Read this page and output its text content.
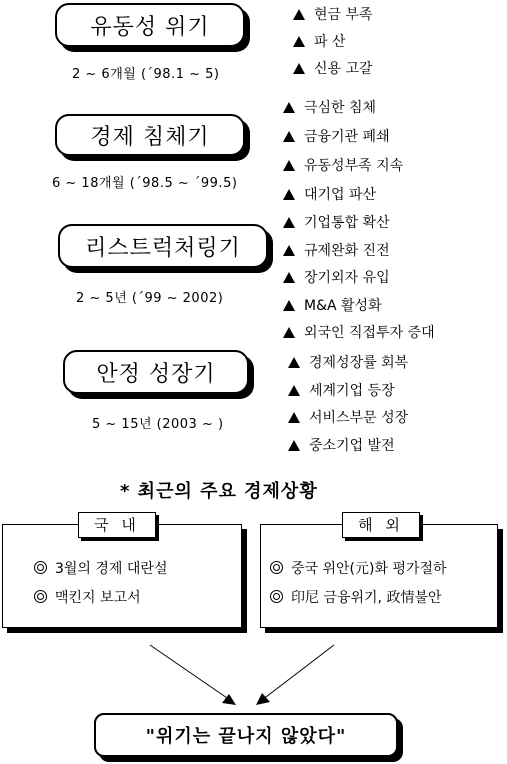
유동성 위기
2 ~ 6개월 (´98.1 ~ 5)
현금 부족
파 산
신용 고갈
경제 침체기
6 ~ 18개월 (´98.5 ~ ´99.5)
극심한 침체
금융기관 폐쇄
유동성부족 지속
대기업 파산
리스트럭처링기
2 ~ 5년 (´99 ~ 2002)
기업통합 확산
규제완화 진전
장기외자 유입
M&A 활성화
외국인 직접투자 증대
안정 성장기
5 ~ 15년 (2003 ~ )
경제성장률 회복
세계기업 등장
서비스부문 성장
중소기업 발전
* 최근의 주요 경제상황
국 내
3월의 경제 대란설
맥킨지 보고서
해 외
중국 위안(元)화 평가절하
印尼 금융위기, 政情불안
"위기는 끝나지 않았다"
